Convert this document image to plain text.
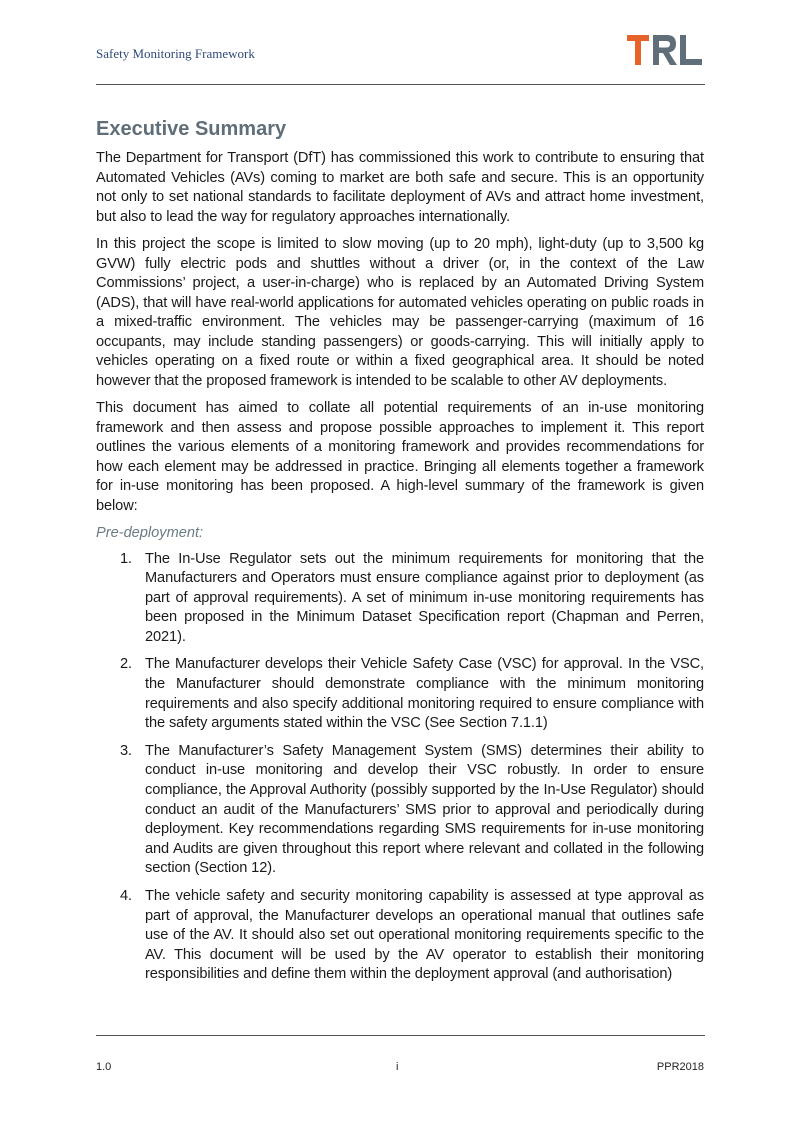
Safety Monitoring Framework
Executive Summary

The Department for Transport (DfT) has commissioned this work to contribute to ensuring that Automated Vehicles (AVs) coming to market are both safe and secure. This is an opportunity not only to set national standards to facilitate deployment of AVs and attract home investment, but also to lead the way for regulatory approaches internationally.

In this project the scope is limited to slow moving (up to 20 mph), light-duty (up to 3,500 kg GVW) fully electric pods and shuttles without a driver (or, in the context of the Law Commissions’ project, a user-in-charge) who is replaced by an Automated Driving System (ADS), that will have real-world applications for automated vehicles operating on public roads in a mixed-traffic environment. The vehicles may be passenger-carrying (maximum of 16 occupants, may include standing passengers) or goods-carrying. This will initially apply to vehicles operating on a fixed route or within a fixed geographical area. It should be noted however that the proposed framework is intended to be scalable to other AV deployments.

This document has aimed to collate all potential requirements of an in-use monitoring framework and then assess and propose possible approaches to implement it. This report outlines the various elements of a monitoring framework and provides recommendations for how each element may be addressed in practice. Bringing all elements together a framework for in-use monitoring has been proposed. A high-level summary of the framework is given below:

Pre-deployment:

1. The In-Use Regulator sets out the minimum requirements for monitoring that the Manufacturers and Operators must ensure compliance against prior to deployment (as part of approval requirements). A set of minimum in-use monitoring requirements has been proposed in the Minimum Dataset Specification report (Chapman and Perren, 2021).
2. The Manufacturer develops their Vehicle Safety Case (VSC) for approval. In the VSC, the Manufacturer should demonstrate compliance with the minimum monitoring requirements and also specify additional monitoring required to ensure compliance with the safety arguments stated within the VSC (See Section 7.1.1)
3. The Manufacturer’s Safety Management System (SMS) determines their ability to conduct in-use monitoring and develop their VSC robustly. In order to ensure compliance, the Approval Authority (possibly supported by the In-Use Regulator) should conduct an audit of the Manufacturers’ SMS prior to approval and periodically during deployment. Key recommendations regarding SMS requirements for in-use monitoring and Audits are given throughout this report where relevant and collated in the following section (Section 12).
4. The vehicle safety and security monitoring capability is assessed at type approval as part of approval, the Manufacturer develops an operational manual that outlines safe use of the AV. It should also set out operational monitoring requirements specific to the AV. This document will be used by the AV operator to establish their monitoring responsibilities and define them within the deployment approval (and authorisation)
1.0	i	PPR2018
